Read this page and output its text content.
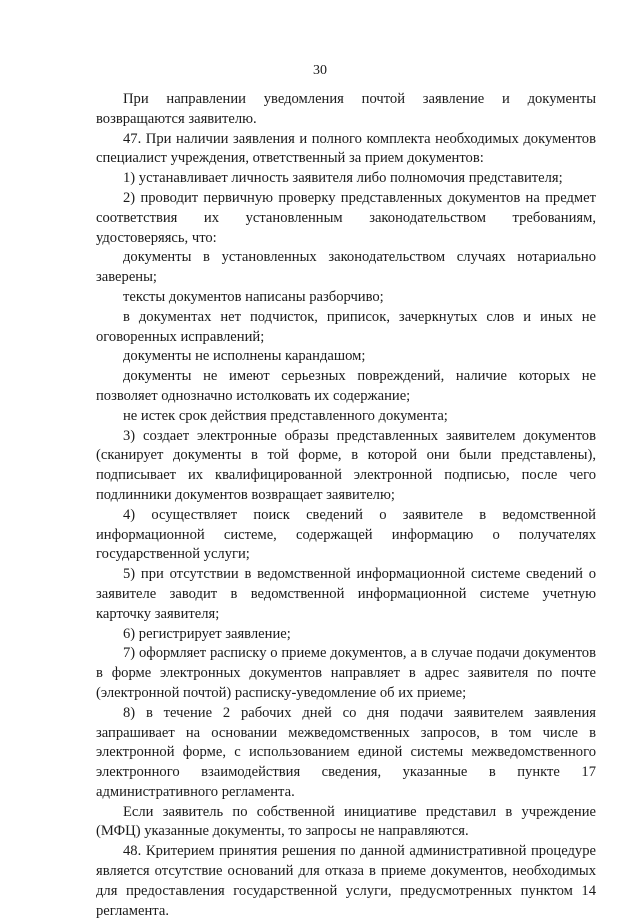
30

При направлении уведомления почтой заявление и документы возвращаются заявителю.

47. При наличии заявления и полного комплекта необходимых документов специалист учреждения, ответственный за прием документов:

1) устанавливает личность заявителя либо полномочия представителя;

2) проводит первичную проверку представленных документов на предмет соответствия их установленным законодательством требованиям, удостоверяясь, что:

документы в установленных законодательством случаях нотариально заверены;

тексты документов написаны разборчиво;

в документах нет подчисток, приписок, зачеркнутых слов и иных не оговоренных исправлений;

документы не исполнены карандашом;

документы не имеют серьезных повреждений, наличие которых не позволяет однозначно истолковать их содержание;

не истек срок действия представленного документа;

3) создает электронные образы представленных заявителем документов (сканирует документы в той форме, в которой они были представлены), подписывает их квалифицированной электронной подписью, после чего подлинники документов возвращает заявителю;

4) осуществляет поиск сведений о заявителе в ведомственной информационной системе, содержащей информацию о получателях государственной услуги;

5) при отсутствии в ведомственной информационной системе сведений о заявителе заводит в ведомственной информационной системе учетную карточку заявителя;

6) регистрирует заявление;

7) оформляет расписку о приеме документов, а в случае подачи документов в форме электронных документов направляет в адрес заявителя по почте (электронной почтой) расписку-уведомление об их приеме;

8) в течение 2 рабочих дней со дня подачи заявителем заявления запрашивает на основании межведомственных запросов, в том числе в электронной форме, с использованием единой системы межведомственного электронного взаимодействия сведения, указанные в пункте 17 административного регламента.

Если заявитель по собственной инициативе представил в учреждение (МФЦ) указанные документы, то запросы не направляются.

48. Критерием принятия решения по данной административной процедуре является отсутствие оснований для отказа в приеме документов, необходимых для предоставления государственной услуги, предусмотренных пунктом 14 регламента.
